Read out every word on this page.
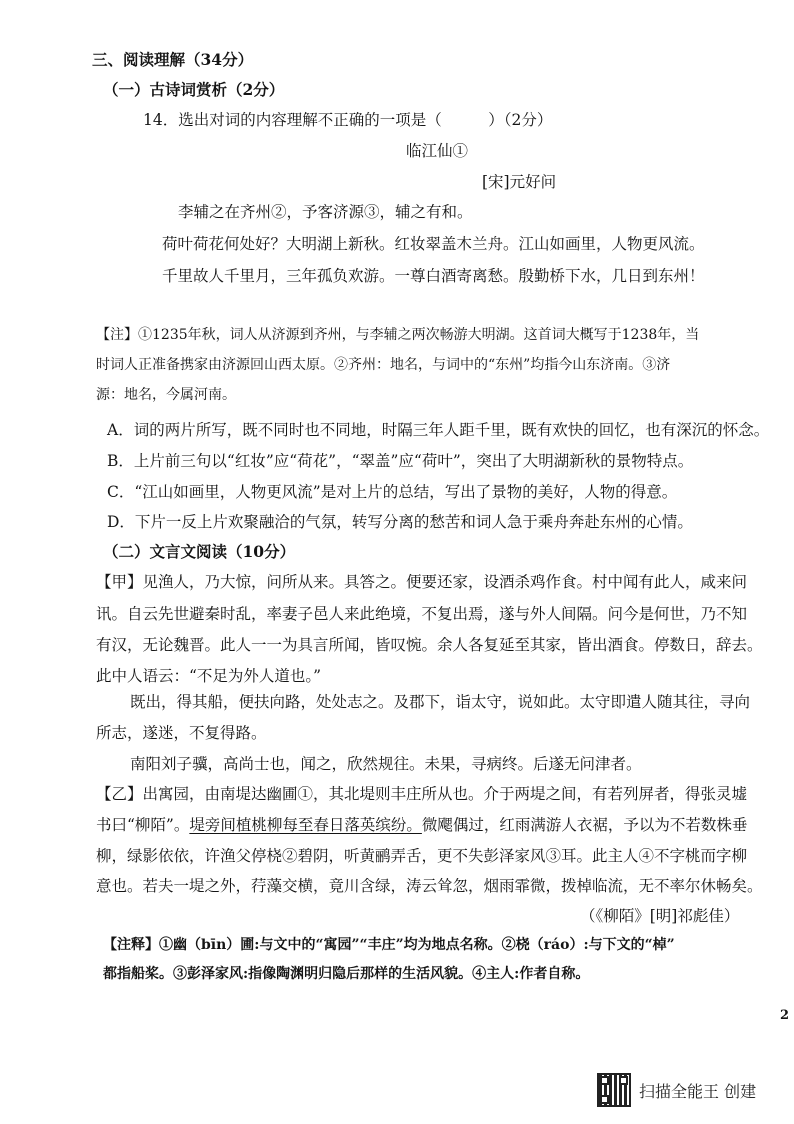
三、阅读理解（34分）
（一）古诗词赏析（2分）
14．选出对词的内容理解不正确的一项是（　　　）（2分）
临江仙①
[宋]元好问
李辅之在齐州②，予客济源③，辅之有和。
荷叶荷花何处好？大明湖上新秋。红妆翠盖木兰舟。江山如画里，人物更风流。
千里故人千里月，三年孤负欢游。一尊白酒寄离愁。殷勤桥下水，几日到东州！
【注】①1235年秋，词人从济源到齐州，与李辅之两次畅游大明湖。这首词大概写于1238年，当
时词人正准备携家由济源回山西太原。②齐州：地名，与词中的“东州”均指今山东济南。③济
源：地名，今属河南。
A．词的两片所写，既不同时也不同地，时隔三年人距千里，既有欢快的回忆，也有深沉的怀念。
B．上片前三句以“红妆”应“荷花”，“翠盖”应“荷叶”，突出了大明湖新秋的景物特点。
C．“江山如画里，人物更风流”是对上片的总结，写出了景物的美好，人物的得意。
D．下片一反上片欢聚融洽的气氛，转写分离的愁苦和词人急于乘舟奔赴东州的心情。
（二）文言文阅读（10分）
【甲】见渔人，乃大惊，问所从来。具答之。便要还家，设酒杀鸡作食。村中闻有此人，咸来问
讯。自云先世避秦时乱，率妻子邑人来此绝境，不复出焉，遂与外人间隔。问今是何世，乃不知
有汉，无论魏晋。此人一一为具言所闻，皆叹惋。余人各复延至其家，皆出酒食。停数日，辞去。
此中人语云：“不足为外人道也。”
既出，得其船，便扶向路，处处志之。及郡下，诣太守，说如此。太守即遣人随其往，寻向
所志，遂迷，不复得路。
南阳刘子骥，高尚士也，闻之，欣然规往。未果，寻病终。后遂无问津者。
【乙】出寓园，由南堤达幽圃①，其北堤则丰庄所从也。介于两堤之间，有若列屏者，得张灵墟
书曰“柳陌”。堤旁间植桃柳每至春日落英缤纷。微飔偶过，红雨满游人衣裾，予以为不若数株垂
柳，绿影依依，许渔父停桡②碧阴，听黄鹂弄舌，更不失彭泽家风③耳。此主人④不字桃而字柳
意也。若夫一堤之外，荇藻交横，竟川含绿，涛云耸忽，烟雨霏微，拨棹临流，无不率尔休畅矣。
（《柳陌》[明]祁彪佳）
【注释】①幽（bīn）圃:与文中的“寓园”“丰庄”均为地点名称。②桡（ráo）:与下文的“棹”
都指船桨。③彭泽家风:指像陶渊明归隐后那样的生活风貌。④主人:作者自称。
2
扫描全能王 创建
